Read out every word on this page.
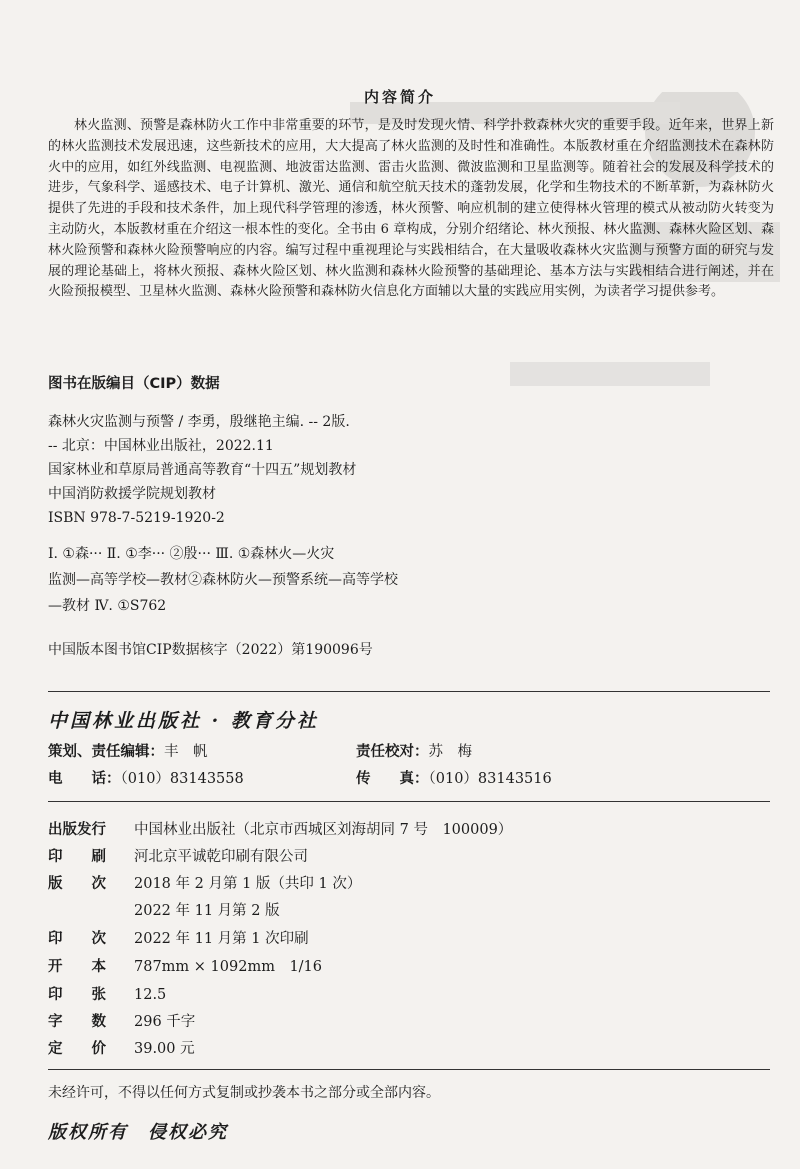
内容简介
林火监测、预警是森林防火工作中非常重要的环节，是及时发现火情、科学扑救森林火灾的重要手段。近年来，世界上新的林火监测技术发展迅速，这些新技术的应用，大大提高了林火监测的及时性和准确性。本版教材重在介绍监测技术在森林防火中的应用，如红外线监测、电视监测、地波雷达监测、雷击火监测、微波监测和卫星监测等。随着社会的发展及科学技术的进步，气象科学、遥感技术、电子计算机、激光、通信和航空航天技术的蓬勃发展，化学和生物技术的不断革新，为森林防火提供了先进的手段和技术条件，加上现代科学管理的渗透，林火预警、响应机制的建立使得林火管理的模式从被动防火转变为主动防火，本版教材重在介绍这一根本性的变化。全书由 6 章构成，分别介绍绪论、林火预报、林火监测、森林火险区划、森林火险预警和森林火险预警响应的内容。编写过程中重视理论与实践相结合，在大量吸收森林火灾监测与预警方面的研究与发展的理论基础上，将林火预报、森林火险区划、林火监测和森林火险预警的基础理论、基本方法与实践相结合进行阐述，并在火险预报模型、卫星林火监测、森林火险预警和森林防火信息化方面辅以大量的实践应用实例，为读者学习提供参考。
图书在版编目（CIP）数据
森林火灾监测与预警 / 李勇，殷继艳主编. -- 2版.
-- 北京：中国林业出版社，2022.11
国家林业和草原局普通高等教育“十四五”规划教材
中国消防救援学院规划教材
ISBN 978-7-5219-1920-2
Ⅰ. ①森··· Ⅱ. ①李··· ②殷··· Ⅲ. ①森林火—火灾
监测—高等学校—教材②森林防火—预警系统—高等学校
—教材 Ⅳ. ①S762
中国版本图书馆CIP数据核字（2022）第190096号
中国林业出版社 · 教育分社
策划、责任编辑：丰　帆	责任校对：苏　梅
电　　话：（010）83143558	传　　真：（010）83143516
出版发行 中国林业出版社（北京市西城区刘海胡同 7 号　100009）
印　　刷 河北京平诚乾印刷有限公司
版　　次 2018 年 2 月第 1 版（共印 1 次）
2022 年 11 月第 2 版
印　　次 2022 年 11 月第 1 次印刷
开　　本 787mm × 1092mm　1/16
印　　张 12.5
字　　数 296 千字
定　　价 39.00 元
未经许可，不得以任何方式复制或抄袭本书之部分或全部内容。
版权所有　侵权必究
